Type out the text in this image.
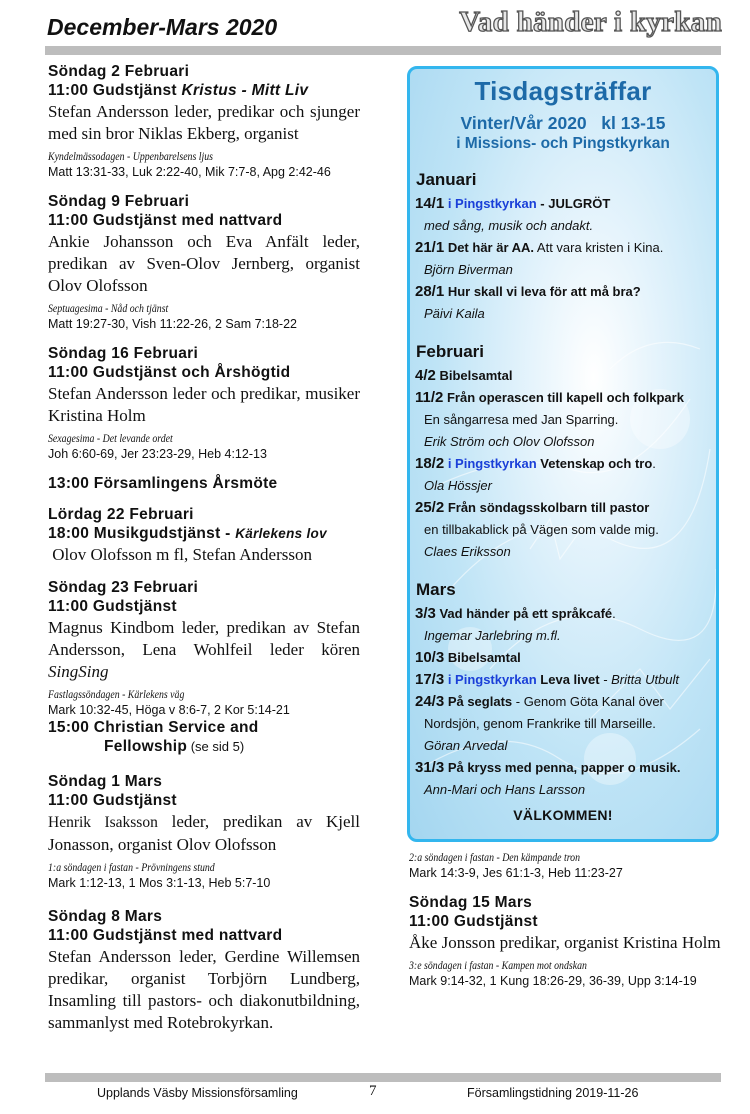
December-Mars 2020	Vad händer i kyrkan

Söndag 2 Februari

11:00 Gudstjänst Kristus - Mitt Liv

Stefan Andersson leder, predikar och sjunger med sin bror Niklas Ekberg, organist

Kyndelmässodagen - Uppenbarelsens ljus
Matt 13:31-33, Luk 2:22-40, Mik 7:7-8, Apg 2:42-46

Söndag 9 Februari

11:00 Gudstjänst med nattvard

Ankie Johansson och Eva Anfält leder, predikan av Sven-Olov Jernberg, organist Olov Olofsson

Septuagesima - Nåd och tjänst
Matt 19:27-30, Vish 11:22-26, 2 Sam 7:18-22

Söndag 16 Februari

11:00 Gudstjänst och Årshögtid

Stefan Andersson leder och predikar, musiker Kristina Holm

Sexagesima - Det levande ordet
Joh 6:60-69, Jer 23:23-29, Heb 4:12-13

13:00 Församlingens Årsmöte

Lördag 22 Februari

18:00 Musikgudstjänst - Kärlekens lov

Olov Olofsson m fl, Stefan Andersson

Söndag 23 Februari

11:00 Gudstjänst

Magnus Kindbom leder, predikan av Stefan Andersson, Lena Wohlfeil leder kören SingSing

Fastlagssöndagen - Kärlekens väg
Mark 10:32-45, Höga v 8:6-7, 2 Kor 5:14-21

15:00 Christian Service and

Fellowship (se sid 5)

Söndag 1 Mars

11:00 Gudstjänst

Henrik Isaksson leder, predikan av Kjell Jonasson, organist Olov Olofsson

1:a söndagen i fastan - Prövningens stund
Mark 1:12-13, 1 Mos 3:1-13, Heb 5:7-10

Söndag 8 Mars

11:00 Gudstjänst med nattvard

Stefan Andersson leder, Gerdine Willemsen predikar, organist Torbjörn Lundberg, Insamling till pastors- och diakonutbildning, sammanlyst med Rotebrokyrkan.

Tisdagsträffar
Vinter/Vår 2020   kl 13-15
i Missions- och Pingstkyrkan
Januari
14/1 i Pingstkyrkan - JULGRÖT
med sång, musik och andakt.
21/1 Det här är AA. Att vara kristen i Kina.
Björn Biverman
28/1 Hur skall vi leva för att må bra?
Päivi Kaila
Februari
4/2 Bibelsamtal
11/2 Från operascen till kapell och folkpark
En sångarresa med Jan Sparring.
Erik Ström och Olov Olofsson
18/2 i Pingstkyrkan Vetenskap och tro.
Ola Hössjer
25/2 Från söndagsskolbarn till pastor
en tillbakablick på Vägen som valde mig.
Claes Eriksson
Mars
3/3 Vad händer på ett språkcafé.
Ingemar Jarlebring m.fl.
10/3 Bibelsamtal
17/3 i Pingstkyrkan Leva livet - Britta Utbult
24/3 På seglats - Genom Göta Kanal över
Nordsjön, genom Frankrike till Marseille.
Göran Arvedal
31/3 På kryss med penna, papper o musik.
Ann-Mari och Hans Larsson
VÄLKOMMEN!
2:a söndagen i fastan - Den kämpande tron
Mark 14:3-9, Jes 61:1-3, Heb 11:23-27

Söndag 15 Mars

11:00 Gudstjänst

Åke Jonsson predikar, organist Kristina Holm

3:e söndagen i fastan - Kampen mot ondskan
Mark 9:14-32, 1 Kung 18:26-29, 36-39, Upp 3:14-19
Upplands Väsby Missionsförsamling	7	Församlingstidning 2019-11-26
